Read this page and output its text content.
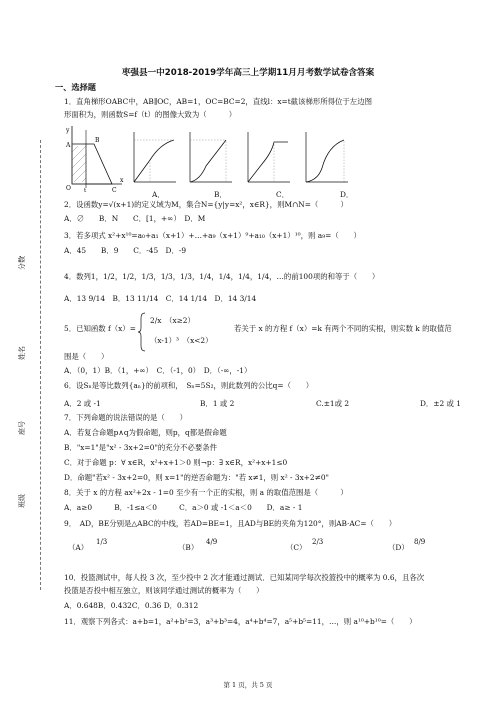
枣强县一中2018-2019学年高三上学期11月月考数学试卷含答案
一、选择题
分数
姓名
座号
班级
1．直角梯形OABC中，AB∥OC，AB=1，OC=BC=2，直线l：x=t截该梯形所得位于左边图
形面积为，则函数S=f（t）的图像大致为（　　　）
y
A
B
O t	C
x
A．	B．	C．	D．
2．设函数y=√(x+1)的定义域为M，集合N={y|y=x²，x∈R}，则M∩N=（　　　）
A．∅　　B．N　　C．[1，+∞）　D．M
3．若多项式 x²+x¹⁰=a₀+a₁（x+1）+…+a₉（x+1）⁹+a₁₀（x+1）¹⁰，则 a₉=（　　）
A．45　　B．9　　C．-45　D．-9
4．数列1，1/2，1/2，1/3，1/3，1/3，1/4，1/4，1/4，1/4，…的前100项的和等于（　　）
A．13 9/14　B．13 11/14　C．14 1/14　D．14 3/14
5．已知函数 f（x）=
2/x　（x≥2）
（x-1）³　（x<2）
若关于 x 的方程 f（x）=k 有两个不同的实根，则实数 k 的取值范
围是（　　）
A．（0，1）B．（1，+∞）　C．（-1，0）　D．（-∞，-1）
6．设Sₙ是等比数列{aₙ}的前项和，　Sₙ=5S₂，则此数列的公比q=（　　）
A．2 或 -1	B．1 或 2	C.±1或 2	D．±2 或 1
7．下列命题的说法错误的是（　　）
A．若复合命题p∧q为假命题，则p，q都是假命题
B．"x=1"是"x² - 3x+2=0"的充分不必要条件
C．对于命题 p：∀ x∈R，x²+x+1＞0 则¬p：∃ x∈R，x²+x+1≤0
D．命题"若x² - 3x+2=0，则 x=1"的逆否命题为："若 x≠1，则 x² - 3x+2≠0"
8．关于 x 的方程 ax²+2x - 1=0 至少有一个正的实根，则 a 的取值范围是（　　　）
A．a≥0　　　B．-1≤a＜0　　　C．a＞0 或 -1＜a＜0　　D．a≥ - 1
9．　AD，BE分别是△ABC的中线，若AD=BE=1，且AD与BE的夹角为120°，则AB·AC=（　　）
（A）
1/3
（B）
4/9
（C）
2/3
（D）
8/9
10．投篮测试中，每人投 3 次，至少投中 2 次才能通过测试．已知某同学每次投篮投中的概率为 0.6，且各次
投篮是否投中相互独立，则该同学通过测试的概率为（　　）
A．0.648B．0.432C．0.36 D．0.312
11．观察下列各式：a+b=1，a²+b²=3，a³+b³=4，a⁴+b⁴=7，a⁵+b⁵=11，…，则 a¹⁰+b¹⁰=（　　）
第 1 页，共 5 页
